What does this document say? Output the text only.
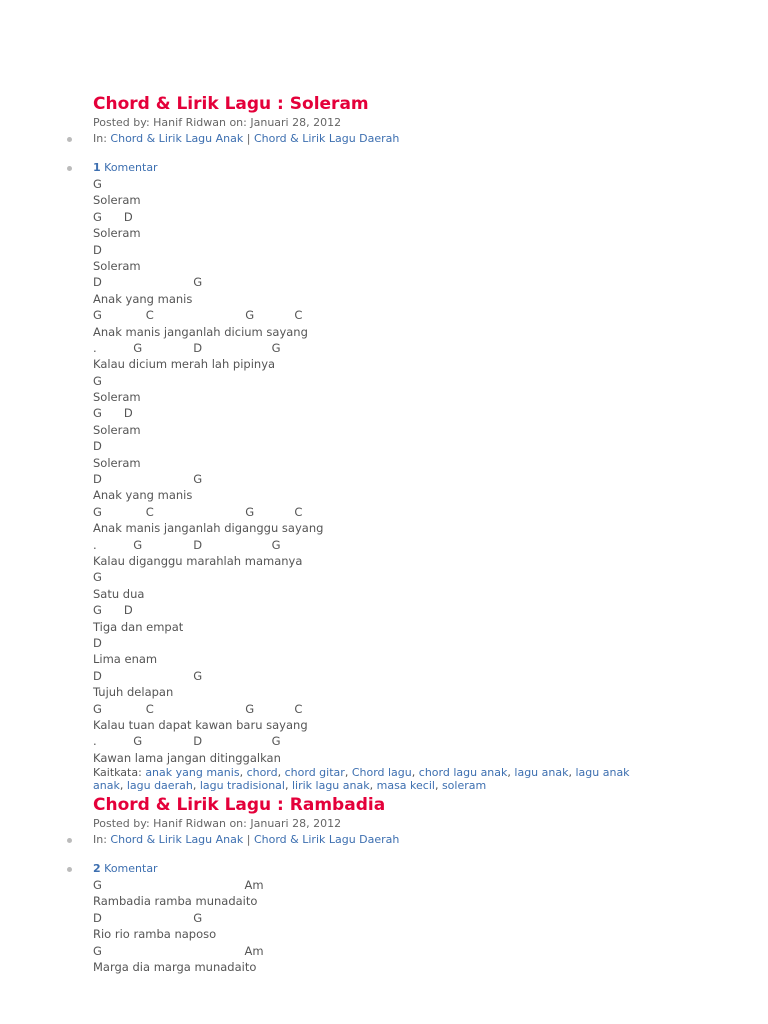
Chord & Lirik Lagu : Soleram
Posted by: Hanif Ridwan on: Januari 28, 2012
In: Chord & Lirik Lagu Anak | Chord & Lirik Lagu Daerah
1 Komentar
G
Soleram
G      D
Soleram
D
Soleram
D                         G
Anak yang manis
G            C                         G           C
Anak manis janganlah dicium sayang
.          G              D                   G
Kalau dicium merah lah pipinya
G
Soleram
G      D
Soleram
D
Soleram
D                         G
Anak yang manis
G            C                         G           C
Anak manis janganlah diganggu sayang
.          G              D                   G
Kalau diganggu marahlah mamanya
G
Satu dua
G      D
Tiga dan empat
D
Lima enam
D                         G
Tujuh delapan
G            C                         G           C
Kalau tuan dapat kawan baru sayang
.          G              D                   G
Kawan lama jangan ditinggalkan
Kaitkata: anak yang manis, chord, chord gitar, Chord lagu, chord lagu anak, lagu anak, lagu anak
anak, lagu daerah, lagu tradisional, lirik lagu anak, masa kecil, soleram
Chord & Lirik Lagu : Rambadia
Posted by: Hanif Ridwan on: Januari 28, 2012
In: Chord & Lirik Lagu Anak | Chord & Lirik Lagu Daerah
2 Komentar
G                                       Am
Rambadia ramba munadaito
D                         G
Rio rio ramba naposo
G                                       Am
Marga dia marga munadaito
